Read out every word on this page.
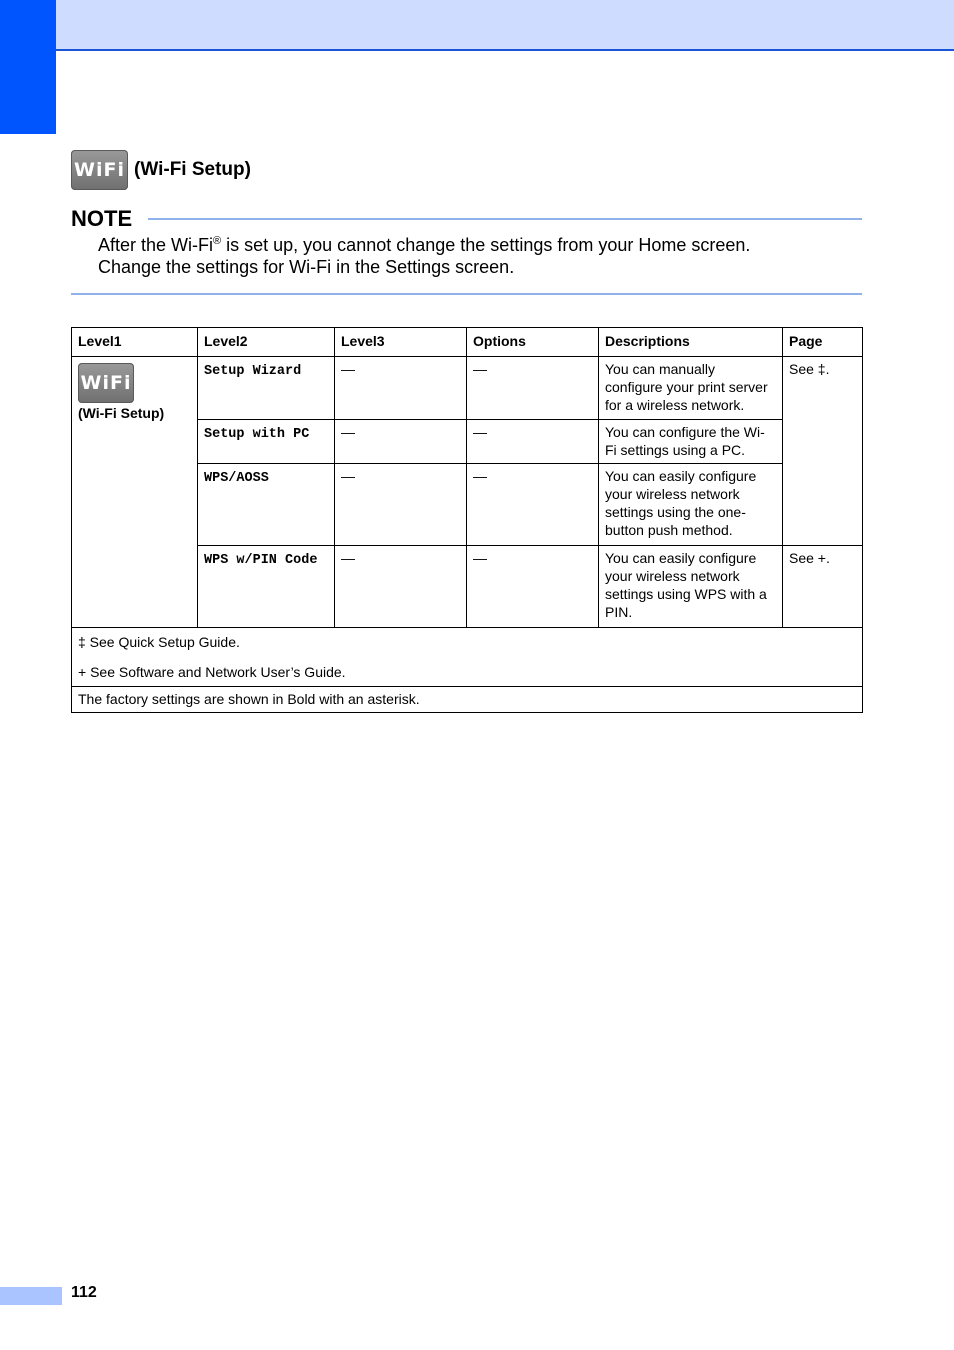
WiFi (Wi-Fi Setup)
NOTE
After the Wi-Fi® is set up, you cannot change the settings from your Home screen.
Change the settings for Wi-Fi in the Settings screen.
Level1	Level2	Level3	Options	Descriptions	Page
WiFi
(Wi-Fi Setup)	Setup Wizard	—	—	You can manually configure your print server for a wireless network.	See ‡.
	Setup with PC	—	—	You can configure the Wi-Fi settings using a PC.	
	WPS/AOSS	—	—	You can easily configure your wireless network settings using the one-button push method.	
	WPS w/PIN Code	—	—	You can easily configure your wireless network settings using WPS with a PIN.	See +.

‡ See Quick Setup Guide.
+ See Software and Network User’s Guide.					

The factory settings are shown in Bold with an asterisk.					
112
